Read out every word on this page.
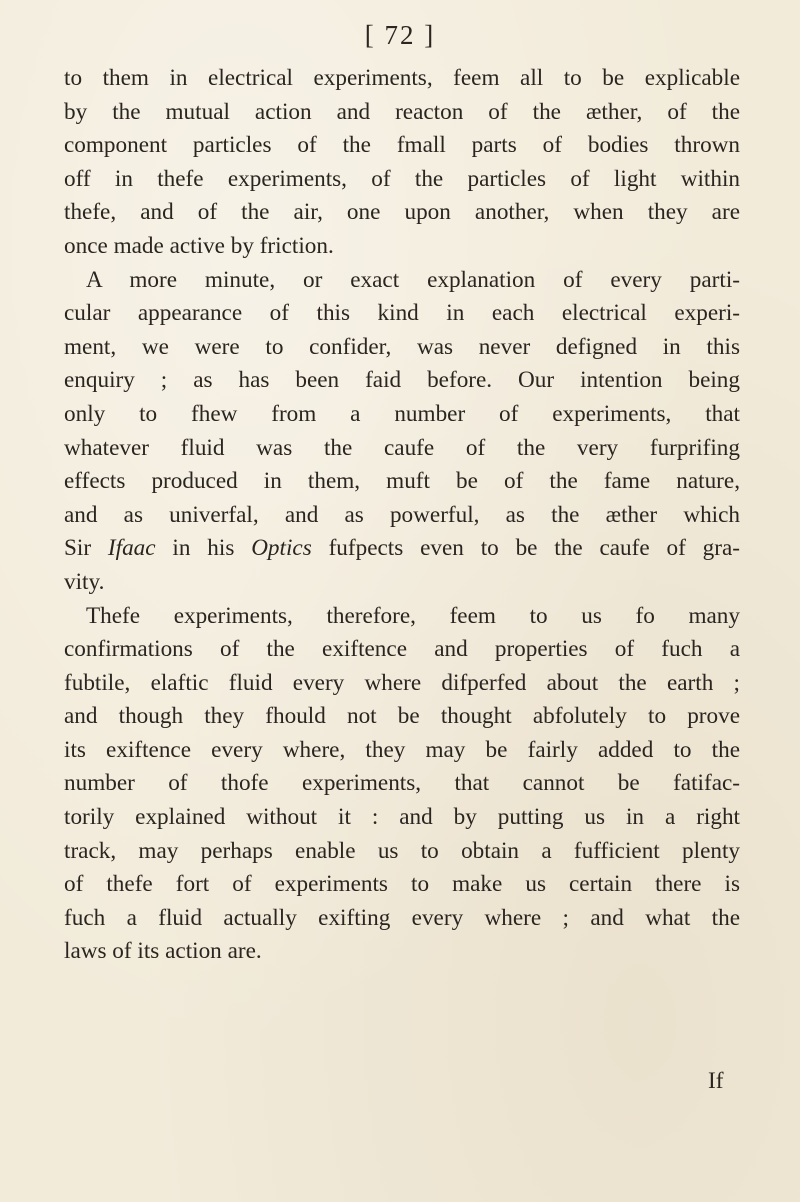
[ 72 ]
to them in electrical experiments, feem all to be explicable
by the mutual action and reacton of the æther, of the
component particles of the fmall parts of bodies thrown
off in thefe experiments, of the particles of light within
thefe, and of the air, one upon another, when they are
once made active by friction.
A more minute, or exact explanation of every parti-
cular appearance of this kind in each electrical experi-
ment, we were to confider, was never defigned in this
enquiry ; as has been faid before. Our intention being
only to fhew from a number of experiments, that
whatever fluid was the caufe of the very furprifing
effects produced in them, muft be of the fame nature,
and as univerfal, and as powerful, as the æther which
Sir Ifaac in his Optics fufpects even to be the caufe of gra-
vity.
Thefe experiments, therefore, feem to us fo many
confirmations of the exiftence and properties of fuch a
fubtile, elaftic fluid every where difperfed about the earth ;
and though they fhould not be thought abfolutely to prove
its exiftence every where, they may be fairly added to the
number of thofe experiments, that cannot be fatifac-
torily explained without it : and by putting us in a right
track, may perhaps enable us to obtain a fufficient plenty
of thefe fort of experiments to make us certain there is
fuch a fluid actually exifting every where ; and what the
laws of its action are.
If
